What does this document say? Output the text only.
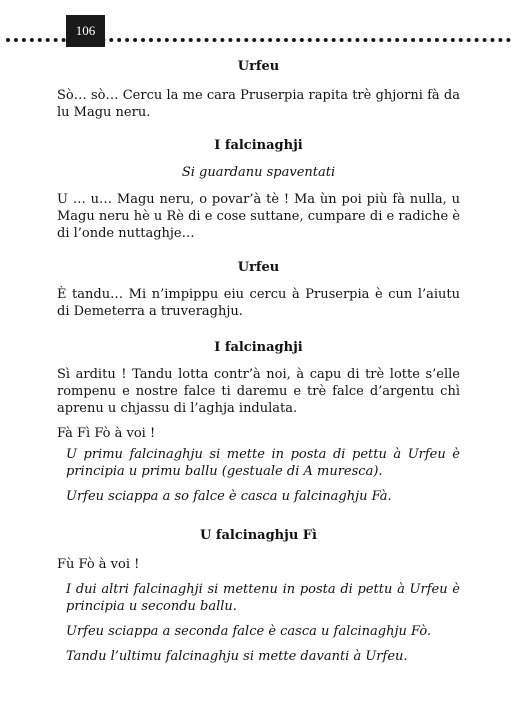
106

Urfeu

Sò… sò… Cercu la me cara Pruserpia rapita trè ghjorni fà da lu Magu neru.

I falcinaghji

Si guardanu spaventati

U … u… Magu neru, o povar’à tè ! Ma ùn poi più fà nulla, u Magu neru hè u Rè di e cose suttane, cumpare di e radiche è di l’onde nuttaghje…

Urfeu

È tandu… Mi n’impippu eiu cercu à Pruserpia è cun l’aiutu di Demeterra a truveraghju.

I falcinaghji

Sì arditu ! Tandu lotta contr’à noi, à capu di trè lotte s’elle rompenu e nostre falce ti daremu e trè falce d’argentu chì aprenu u chjassu di l’aghja indulata.

Fà Fì Fò à voi !

U primu falcinaghju si mette in posta di pettu à Urfeu è principia u primu ballu (gestuale di A muresca).

Urfeu sciappa a so falce è casca u falcinaghju Fà.

U falcinaghju Fì

Fù Fò à voi !

I dui altri falcinaghji si mettenu in posta di pettu à Urfeu è principia u secondu ballu.

Urfeu sciappa a seconda falce è casca u falcinaghju Fò.

Tandu l’ultimu falcinaghju si mette davanti à Urfeu.
